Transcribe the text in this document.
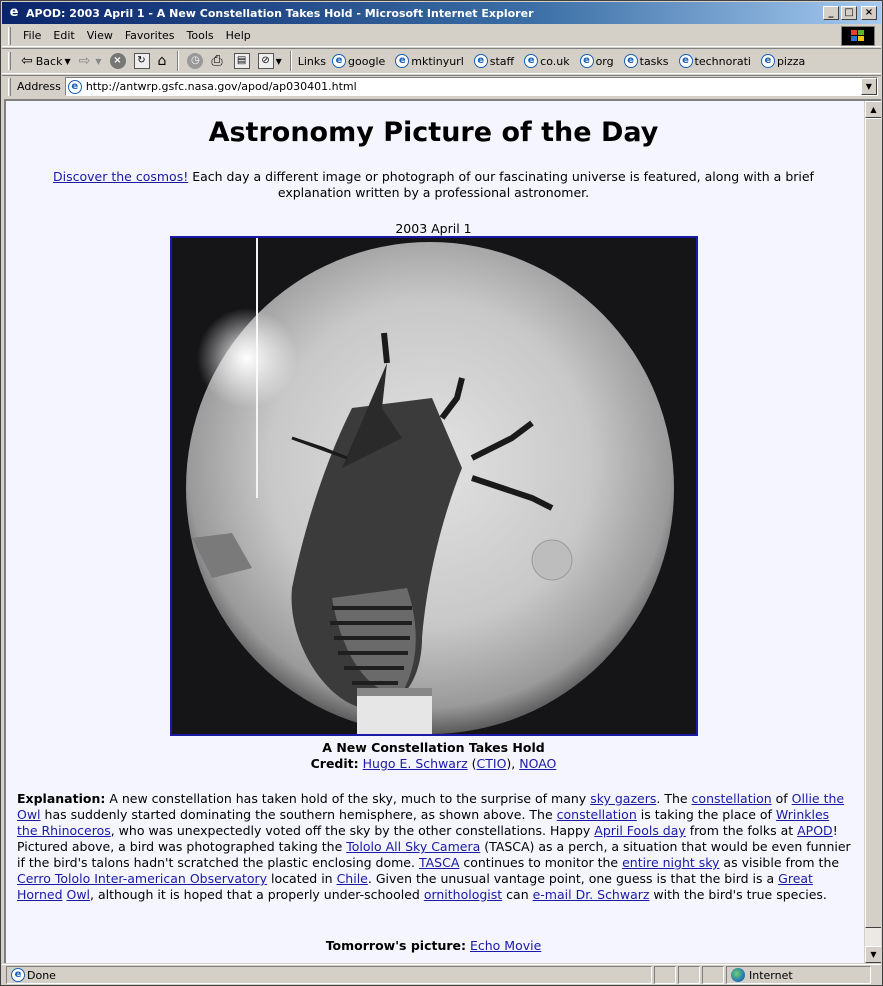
e APOD: 2003 April 1 - A New Constellation Takes Hold - Microsoft Internet Explorer	_	□	×
File	Edit	View	Favorites	Tools	Help
⇦ Back ▼ ⇨ ▼	×	↻ ⌂	◷ ⎙	▤	⊘ ▼ Links e google	e mktinyurl	e staff	e co.uk	e org	e tasks	e technorati	e pizza
Address	e http://antwrp.gsfc.nasa.gov/apod/ap030401.html	▼
Astronomy Picture of the Day
Discover the cosmos! Each day a different image or photograph of our fascinating universe is featured, along with a brief explanation written by a professional astronomer.
2003 April 1
A New Constellation Takes Hold
Credit: Hugo E. Schwarz (CTIO), NOAO
Explanation: A new constellation has taken hold of the sky, much to the surprise of many sky gazers. The constellation of Ollie the Owl has suddenly started dominating the southern hemisphere, as shown above. The constellation is taking the place of Wrinkles the Rhinoceros, who was unexpectedly voted off the sky by the other constellations. Happy April Fools day from the folks at APOD! Pictured above, a bird was photographed taking the Tololo All Sky Camera (TASCA) as a perch, a situation that would be even funnier if the bird's talons hadn't scratched the plastic enclosing dome. TASCA continues to monitor the entire night sky as visible from the Cerro Tololo Inter-american Observatory located in Chile. Given the unusual vantage point, one guess is that the bird is a Great Horned Owl, although it is hoped that a properly under-schooled ornithologist can e-mail Dr. Schwarz with the bird's true species.
Tomorrow's picture: Echo Movie
▲
▼
e Done	Internet
